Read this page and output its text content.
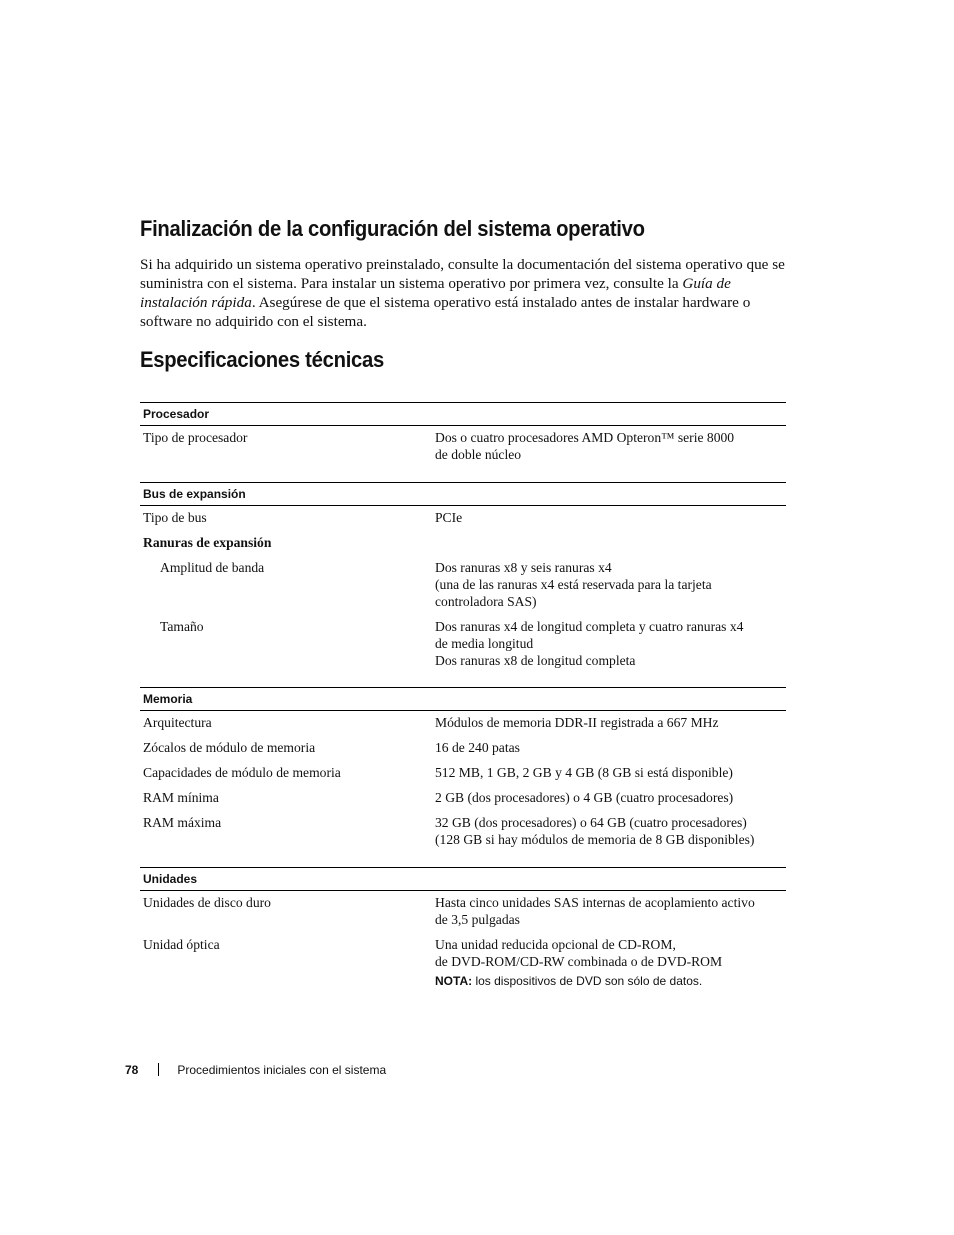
Finalización de la configuración del sistema operativo
Si ha adquirido un sistema operativo preinstalado, consulte la documentación del sistema operativo que se suministra con el sistema. Para instalar un sistema operativo por primera vez, consulte la Guía de instalación rápida. Asegúrese de que el sistema operativo está instalado antes de instalar hardware o software no adquirido con el sistema.
Especificaciones técnicas
Procesador
Tipo de procesador	Dos o cuatro procesadores AMD Opteron™ serie 8000
de doble núcleo
Bus de expansión
Tipo de bus	PCIe
Ranuras de expansión
Amplitud de banda	Dos ranuras x8 y seis ranuras x4
(una de las ranuras x4 está reservada para la tarjeta
controladora SAS)
Tamaño	Dos ranuras x4 de longitud completa y cuatro ranuras x4
de media longitud
Dos ranuras x8 de longitud completa
Memoria
Arquitectura	Módulos de memoria DDR-II registrada a 667 MHz
Zócalos de módulo de memoria	16 de 240 patas
Capacidades de módulo de memoria	512 MB, 1 GB, 2 GB y 4 GB (8 GB si está disponible)
RAM mínima	2 GB (dos procesadores) o 4 GB (cuatro procesadores)
RAM máxima	32 GB (dos procesadores) o 64 GB (cuatro procesadores)
(128 GB si hay módulos de memoria de 8 GB disponibles)
Unidades
Unidades de disco duro	Hasta cinco unidades SAS internas de acoplamiento activo
de 3,5 pulgadas
Unidad óptica	Una unidad reducida opcional de CD-ROM,
de DVD-ROM/CD-RW combinada o de DVD-ROM
NOTA: los dispositivos de DVD son sólo de datos.
78	Procedimientos iniciales con el sistema
